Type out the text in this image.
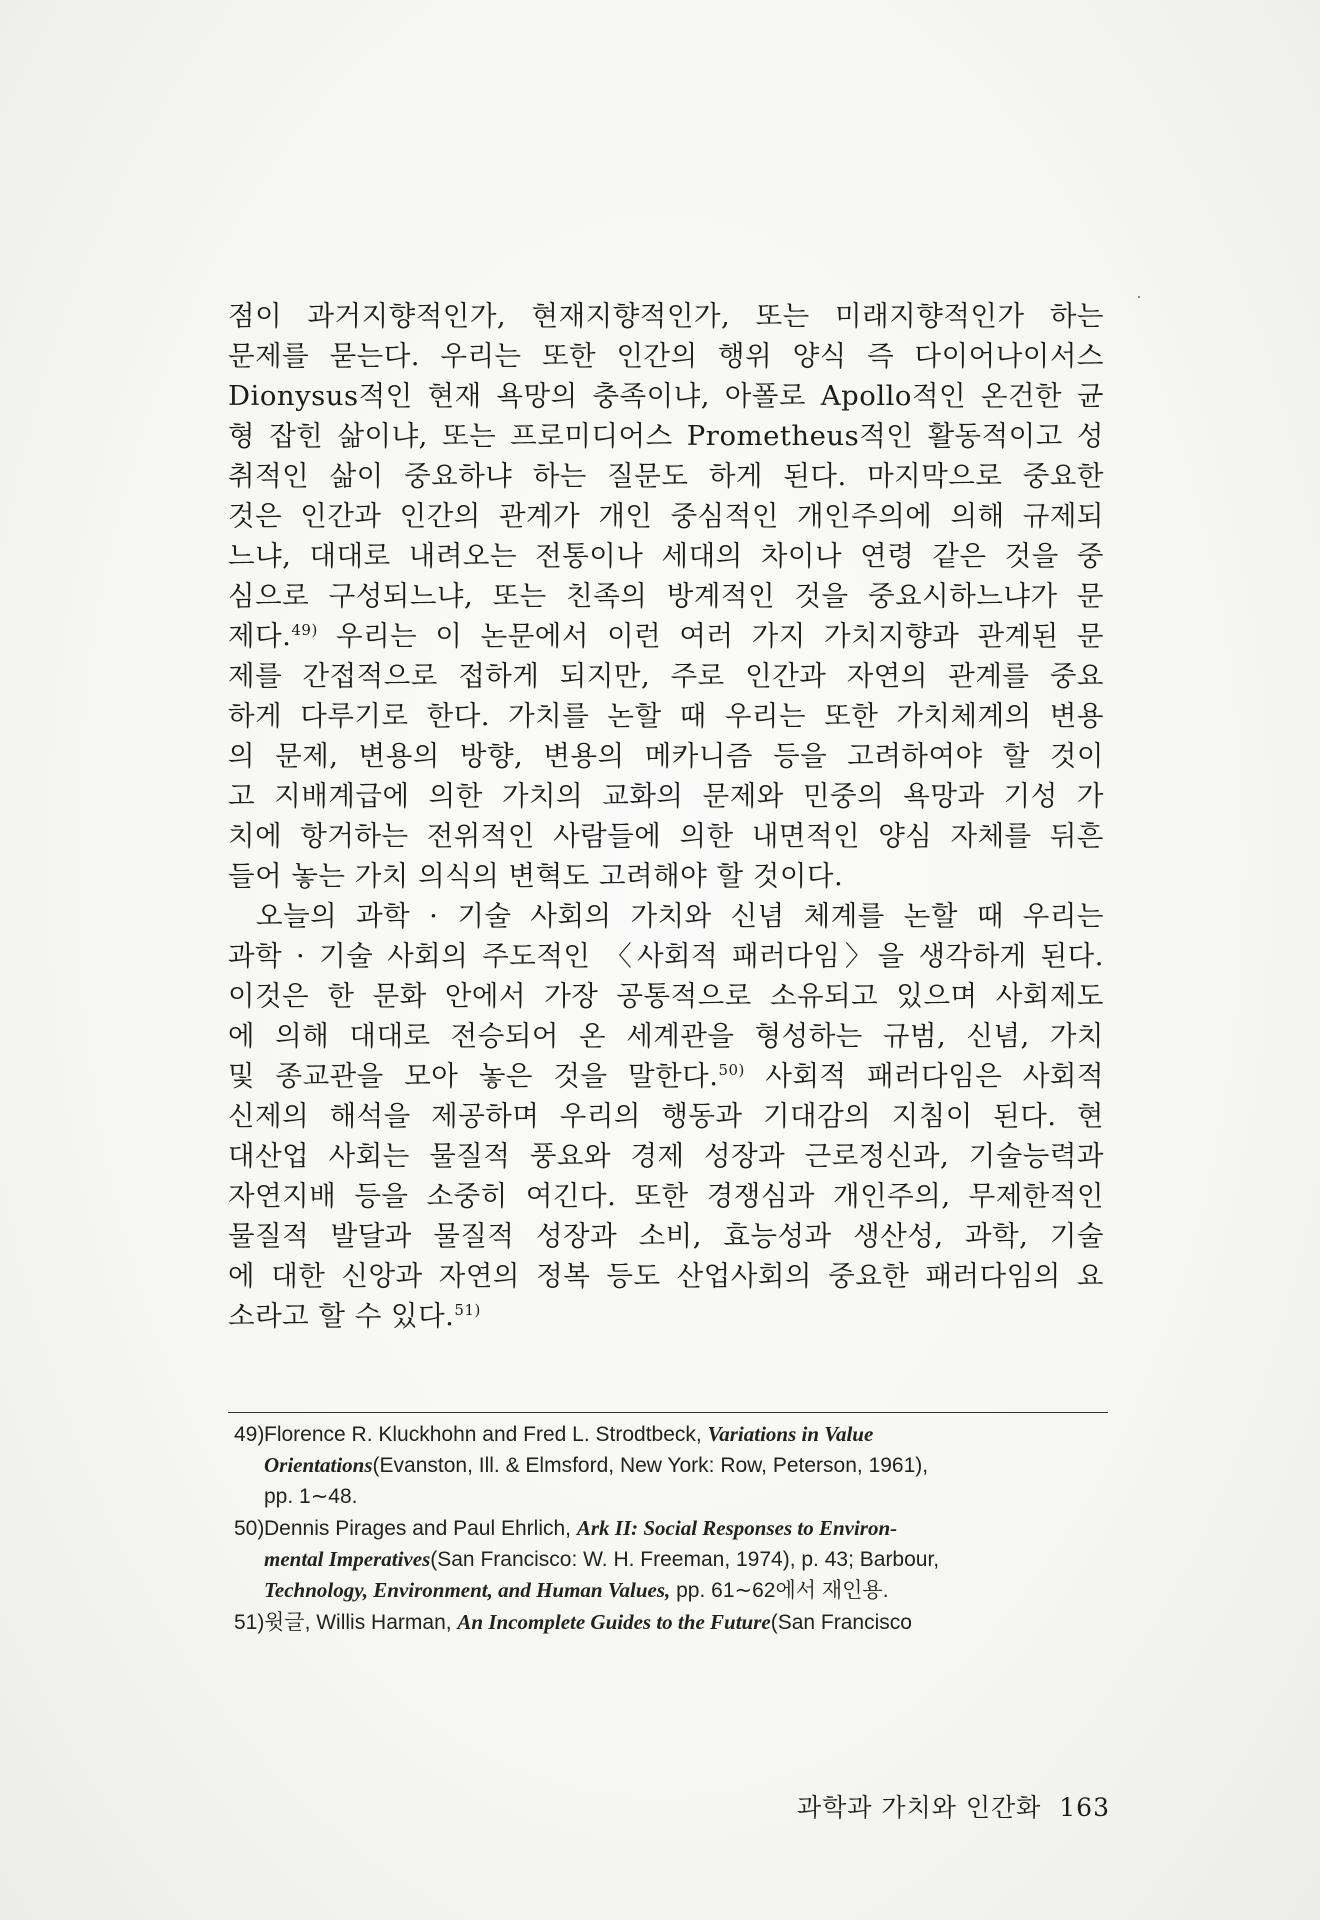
점이 과거지향적인가, 현재지향적인가, 또는 미래지향적인가 하는

문제를 묻는다. 우리는 또한 인간의 행위 양식 즉 다이어나이서스

Dionysus적인 현재 욕망의 충족이냐, 아폴로 Apollo적인 온건한 균

형 잡힌 삶이냐, 또는 프로미디어스 Prometheus적인 활동적이고 성

취적인 삶이 중요하냐 하는 질문도 하게 된다. 마지막으로 중요한

것은 인간과 인간의 관계가 개인 중심적인 개인주의에 의해 규제되

느냐, 대대로 내려오는 전통이나 세대의 차이나 연령 같은 것을 중

심으로 구성되느냐, 또는 친족의 방계적인 것을 중요시하느냐가 문

제다.$^{49)}$ 우리는 이 논문에서 이런 여러 가지 가치지향과 관계된 문

제를 간접적으로 접하게 되지만, 주로 인간과 자연의 관계를 중요

하게 다루기로 한다. 가치를 논할 때 우리는 또한 가치체계의 변용

의 문제, 변용의 방향, 변용의 메카니즘 등을 고려하여야 할 것이

고 지배계급에 의한 가치의 교화의 문제와 민중의 욕망과 기성 가

치에 항거하는 전위적인 사람들에 의한 내면적인 양심 자체를 뒤흔

들어 놓는 가치 의식의 변혁도 고려해야 할 것이다.

오늘의 과학 · 기술 사회의 가치와 신념 체계를 논할 때 우리는

과학 · 기술 사회의 주도적인 〈사회적 패러다임〉을 생각하게 된다.

이것은 한 문화 안에서 가장 공통적으로 소유되고 있으며 사회제도

에 의해 대대로 전승되어 온 세계관을 형성하는 규범, 신념, 가치

및 종교관을 모아 놓은 것을 말한다.$^{50)}$ 사회적 패러다임은 사회적

신제의 해석을 제공하며 우리의 행동과 기대감의 지침이 된다. 현

대산업 사회는 물질적 풍요와 경제 성장과 근로정신과, 기술능력과

자연지배 등을 소중히 여긴다. 또한 경쟁심과 개인주의, 무제한적인

물질적 발달과 물질적 성장과 소비, 효능성과 생산성, 과학, 기술

에 대한 신앙과 자연의 정복 등도 산업사회의 중요한 패러다임의 요

소라고 할 수 있다.$^{51)}$

49)Florence R. Kluckhohn and Fred L. Strodtbeck, Variations in Value
Orientations(Evanston, Ill. & Elmsford, New York: Row, Peterson, 1961),
pp. 1∼48.
50)Dennis Pirages and Paul Ehrlich, Ark II: Social Responses to Environ-
mental Imperatives(San Francisco: W. H. Freeman, 1974), p. 43; Barbour,
Technology, Environment, and Human Values, pp. 61∼62에서 재인용.
51)윗글, Willis Harman, An Incomplete Guides to the Future(San Francisco
과학과 가치와 인간화 163
